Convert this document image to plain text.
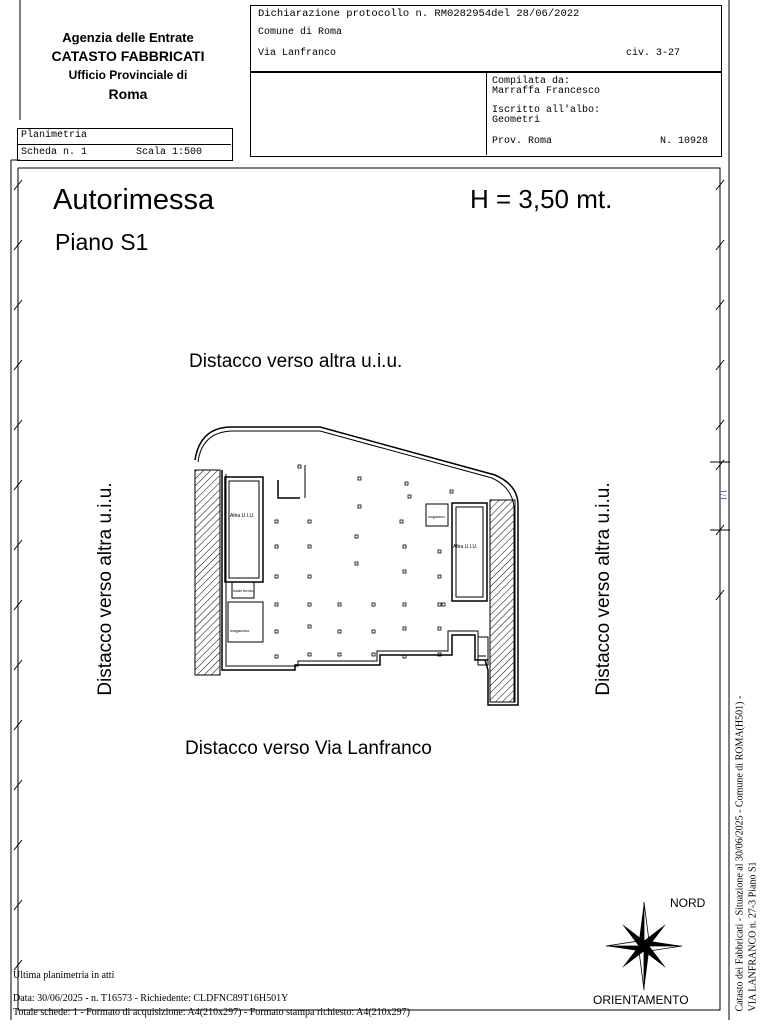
Agenzia delle Entrate
CATASTO FABBRICATI
Ufficio Provinciale di
Roma
Dichiarazione protocollo n. RM0282954del 28/06/2022
Comune di Roma
Via Lanfranco	civ. 3-27
Compilata da:
Marraffa Francesco
Iscritto all'albo:
Geometri
Prov. Roma	N. 10928
Planimetria
Scheda n. 1	Scala 1:500
1/1
Autorimessa	H = 3,50 mt.
Piano S1
Distacco verso altra u.i.u.
Distacco verso Via Lanfranco
Distacco verso altra u.i.u.	Distacco verso altra u.i.u.
Altra U.I.U.
locale tecnico
magazzino
Altra U.I.U.
magazzino
NORD
ORIENTAMENTO	Catasto dei Fabbricati - Situazione al 30/06/2025 - Comune di ROMA(H501) - VIA LANFRANCO n. 27-3 Piano S1
Ultima planimetria in atti
Data: 30/06/2025 - n. T16573 - Richiedente: CLDFNC89T16H501Y
Totale schede: 1 - Formato di acquisizione: A4(210x297) - Formato stampa richiesto: A4(210x297)
